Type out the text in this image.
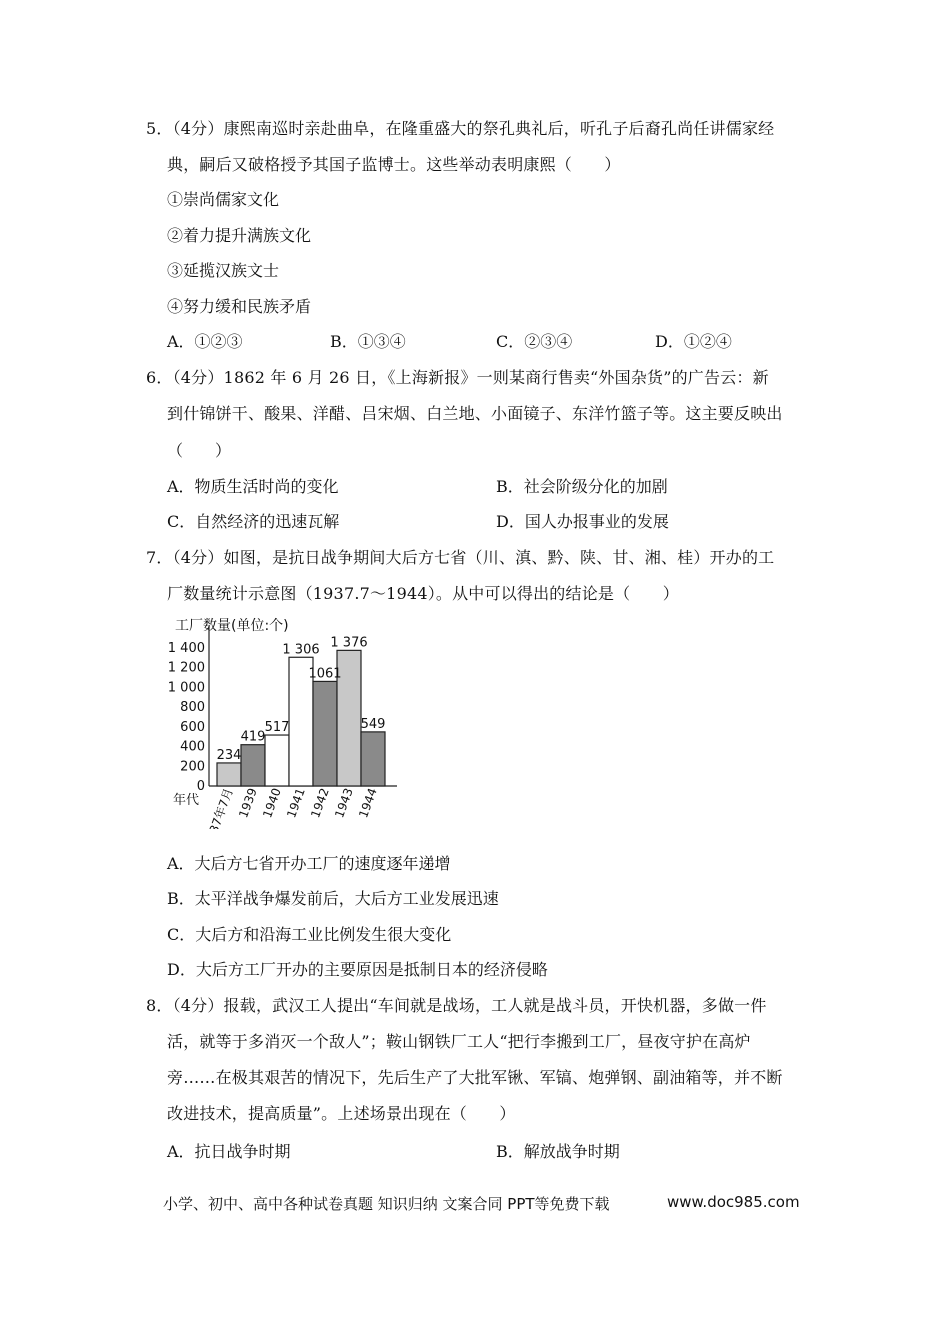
5．（4分）康熙南巡时亲赴曲阜，在隆重盛大的祭孔典礼后，听孔子后裔孔尚任讲儒家经
典，嗣后又破格授予其国子监博士。这些举动表明康熙（　　）
①崇尚儒家文化
②着力提升满族文化
③延揽汉族文士
④努力缓和民族矛盾
A．①②③	B．①③④	C．②③④	D．①②④
6．（4分）1862 年 6 月 26 日，《上海新报》一则某商行售卖“外国杂货”的广告云：新
到什锦饼干、酸果、洋醋、吕宋烟、白兰地、小面镜子、东洋竹篮子等。这主要反映出
（　　）
A．物质生活时尚的变化	B．社会阶级分化的加剧
C．自然经济的迅速瓦解	D．国人办报事业的发展
7．（4分）如图，是抗日战争期间大后方七省（川、滇、黔、陕、甘、湘、桂）开办的工
厂数量统计示意图（1937.7～1944）。从中可以得出的结论是（　　）
工厂数量(单位:个)
0
200
400
600
800
1 000
1 200
1 400
234
419
517
1 306
1061
1 376
549
1937年7月 1939 1940 1941 1942 1943 1944
年代
A．大后方七省开办工厂的速度逐年递增
B．太平洋战争爆发前后，大后方工业发展迅速
C．大后方和沿海工业比例发生很大变化
D．大后方工厂开办的主要原因是抵制日本的经济侵略
8．（4分）报载，武汉工人提出“车间就是战场，工人就是战斗员，开快机器，多做一件
活，就等于多消灭一个敌人”；鞍山钢铁厂工人“把行李搬到工厂，昼夜守护在高炉
旁……在极其艰苦的情况下，先后生产了大批军锹、军镐、炮弹钢、副油箱等，并不断
改进技术，提高质量”。上述场景出现在（　　）
A．抗日战争时期	B．解放战争时期
小学、初中、高中各种试卷真题 知识归纳 文案合同 PPT等免费下载	www.doc985.com
